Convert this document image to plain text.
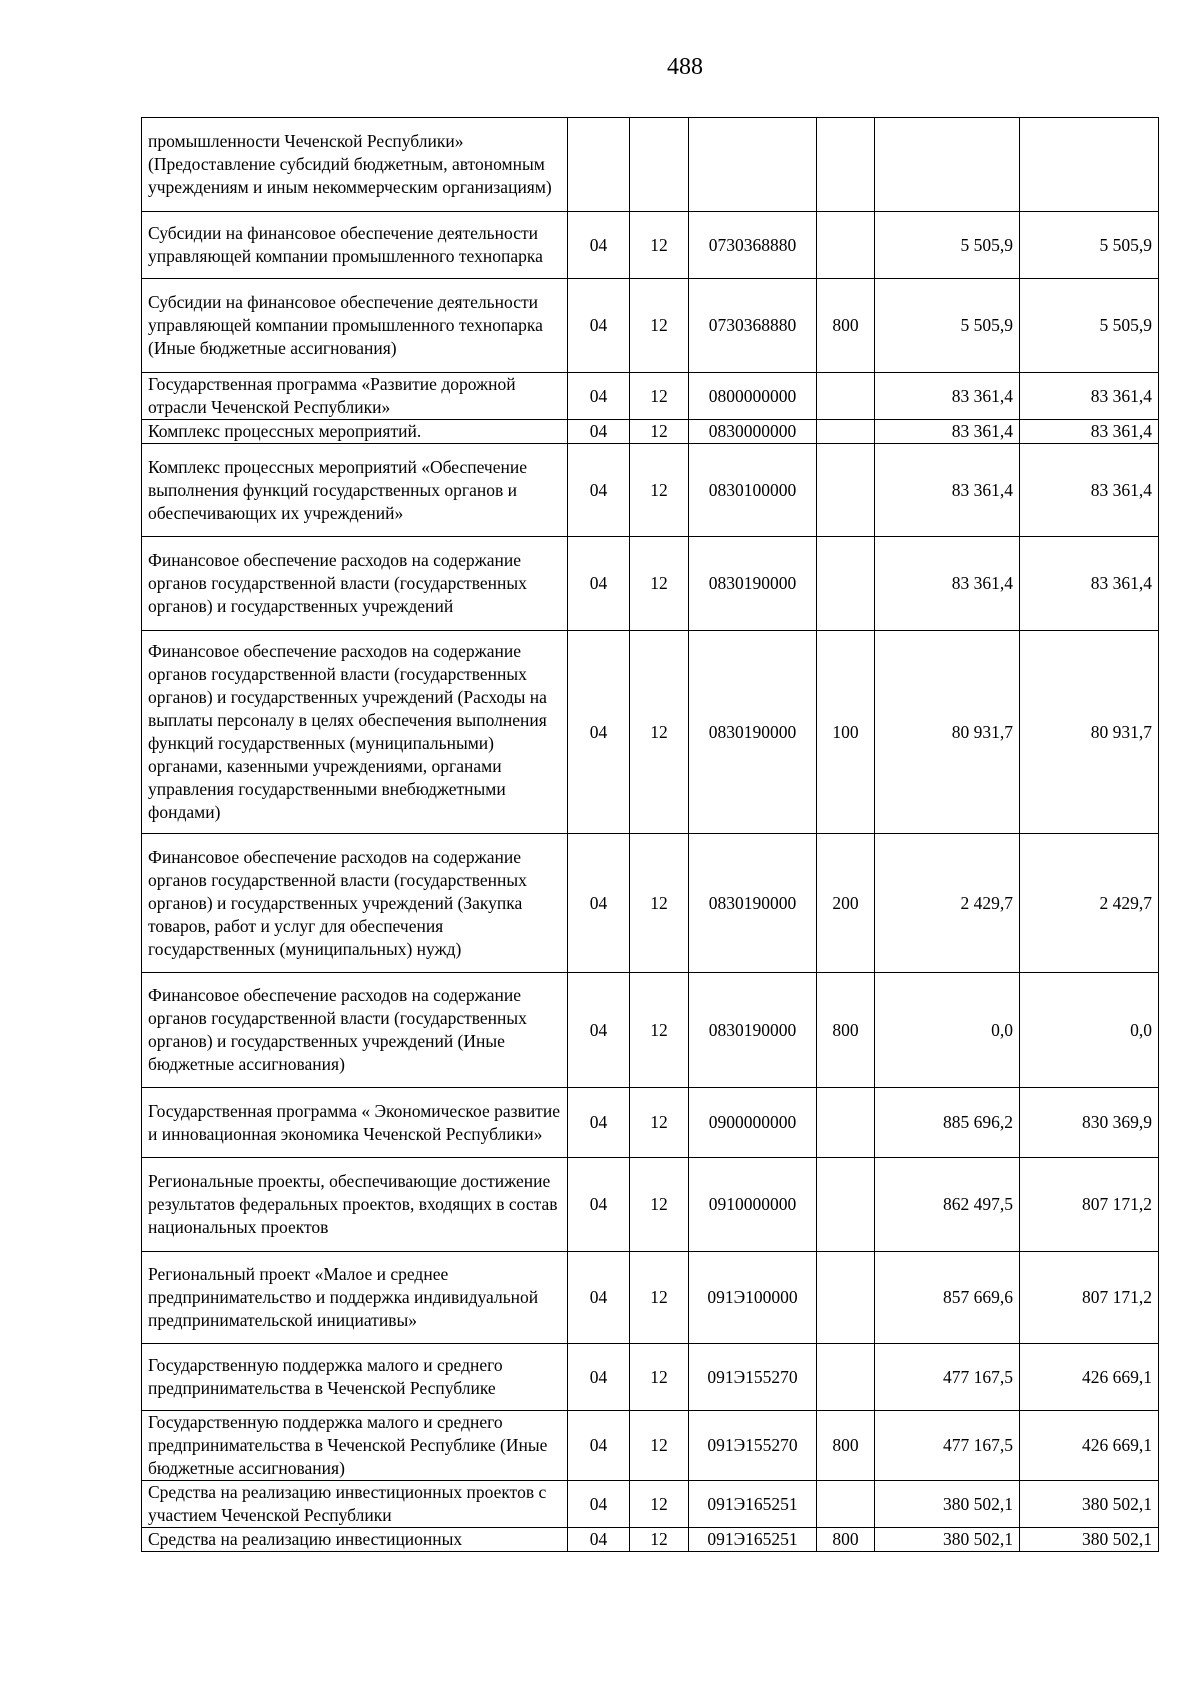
488
промышленности Чеченской Республики» (Предоставление субсидий бюджетным, автономным учреждениям и иным некоммерческим организациям)						
Субсидии на финансовое обеспечение деятельности управляющей компании промышленного технопарка	04	12	0730368880		5 505,9	5 505,9
Субсидии на финансовое обеспечение деятельности управляющей компании промышленного технопарка (Иные бюджетные ассигнования)	04	12	0730368880	800	5 505,9	5 505,9
Государственная программа «Развитие дорожной отрасли Чеченской Республики»	04	12	0800000000		83 361,4	83 361,4
Комплекс процессных мероприятий.	04	12	0830000000		83 361,4	83 361,4
Комплекс процессных мероприятий «Обеспечение выполнения функций государственных органов и обеспечивающих их учреждений»	04	12	0830100000		83 361,4	83 361,4
Финансовое обеспечение расходов на содержание органов государственной власти (государственных органов) и государственных учреждений	04	12	0830190000		83 361,4	83 361,4
Финансовое обеспечение расходов на содержание органов государственной власти (государственных органов) и государственных учреждений (Расходы на выплаты персоналу в целях обеспечения выполнения функций государственных (муниципальными) органами, казенными учреждениями, органами управления государственными внебюджетными фондами)	04	12	0830190000	100	80 931,7	80 931,7
Финансовое обеспечение расходов на содержание органов государственной власти (государственных органов) и государственных учреждений (Закупка товаров, работ и услуг для обеспечения государственных (муниципальных) нужд)	04	12	0830190000	200	2 429,7	2 429,7
Финансовое обеспечение расходов на содержание органов государственной власти (государственных органов) и государственных учреждений (Иные бюджетные ассигнования)	04	12	0830190000	800	0,0	0,0
Государственная программа « Экономическое развитие и инновационная экономика Чеченской Республики»	04	12	0900000000		885 696,2	830 369,9
Региональные проекты, обеспечивающие достижение результатов федеральных проектов, входящих в состав национальных проектов	04	12	0910000000		862 497,5	807 171,2
Региональный проект «Малое и среднее предпринимательство и поддержка индивидуальной предпринимательской инициативы»	04	12	091Э100000		857 669,6	807 171,2
Государственную поддержка малого и среднего предпринимательства в Чеченской Республике	04	12	091Э155270		477 167,5	426 669,1
Государственную поддержка малого и среднего предпринимательства в Чеченской Республике (Иные бюджетные ассигнования)	04	12	091Э155270	800	477 167,5	426 669,1
Средства на реализацию инвестиционных проектов с участием Чеченской Республики	04	12	091Э165251		380 502,1	380 502,1
Средства на реализацию инвестиционных	04	12	091Э165251	800	380 502,1	380 502,1
